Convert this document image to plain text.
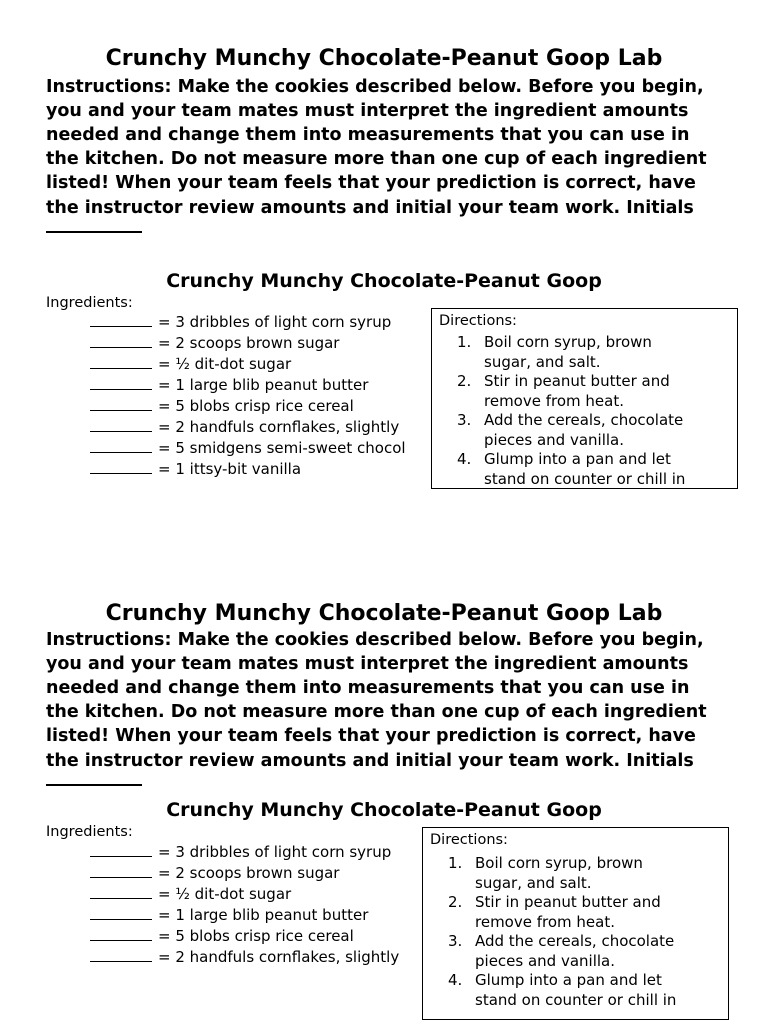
Crunchy Munchy Chocolate-Peanut Goop Lab
Instructions: Make the cookies described below. Before you begin,
you and your team mates must interpret the ingredient amounts
needed and change them into measurements that you can use in
the kitchen. Do not measure more than one cup of each ingredient
listed! When your team feels that your prediction is correct, have
the instructor review amounts and initial your team work. Initials
Crunchy Munchy Chocolate-Peanut Goop
Ingredients:
= 3 dribbles of light corn syrup
= 2 scoops brown sugar
= ½ dit-dot sugar
= 1 large blib peanut butter
= 5 blobs crisp rice cereal
= 2 handfuls cornflakes, slightly
= 5 smidgens semi-sweet chocol
= 1 ittsy-bit vanilla
Directions:
1. Boil corn syrup, brown
sugar, and salt.
2. Stir in peanut butter and
remove from heat.
3. Add the cereals, chocolate
pieces and vanilla.
4. Glump into a pan and let
stand on counter or chill in
Crunchy Munchy Chocolate-Peanut Goop Lab
Instructions: Make the cookies described below. Before you begin,
you and your team mates must interpret the ingredient amounts
needed and change them into measurements that you can use in
the kitchen. Do not measure more than one cup of each ingredient
listed! When your team feels that your prediction is correct, have
the instructor review amounts and initial your team work. Initials
Crunchy Munchy Chocolate-Peanut Goop
Ingredients:
= 3 dribbles of light corn syrup
= 2 scoops brown sugar
= ½ dit-dot sugar
= 1 large blib peanut butter
= 5 blobs crisp rice cereal
= 2 handfuls cornflakes, slightly
Directions:
1. Boil corn syrup, brown
sugar, and salt.
2. Stir in peanut butter and
remove from heat.
3. Add the cereals, chocolate
pieces and vanilla.
4. Glump into a pan and let
stand on counter or chill in
